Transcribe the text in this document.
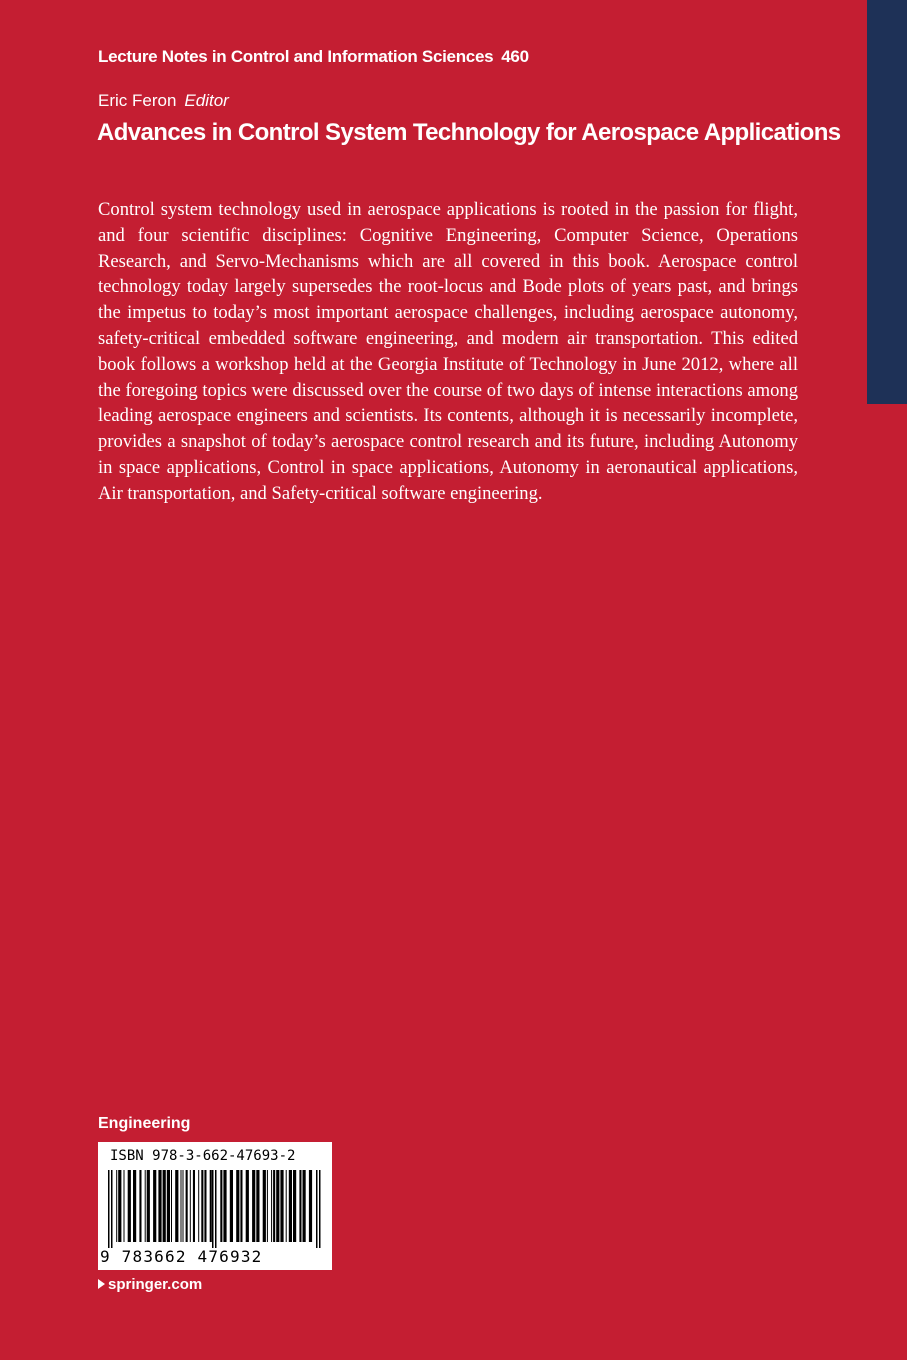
Lecture Notes in Control and Information Sciences 460
Eric Feron Editor
Advances in Control System Technology for Aerospace Applications
Control system technology used in aerospace applications is rooted in the passion for flight, and four scientific disciplines: Cognitive Engineering, Computer Science, Operations Research, and Servo-Mechanisms which are all covered in this book. Aerospace control technology today largely supersedes the root-locus and Bode plots of years past, and brings the impetus to today’s most important aerospace challenges, including aerospace autonomy, safety-critical embedded software engineering, and modern air transportation. This edited book follows a workshop held at the Georgia Institute of Technology in June 2012, where all the foregoing topics were discussed over the course of two days of intense interactions among leading aerospace engineers and scientists. Its contents, although it is necessarily incomplete, provides a snapshot of today’s aerospace control research and its future, including Autonomy in space applications, Control in space applications, Autonomy in aeronautical applications, Air transportation, and Safety-critical software engineering.
Engineering
ISBN 978-3-662-47693-2
9 783662 476932
springer.com
